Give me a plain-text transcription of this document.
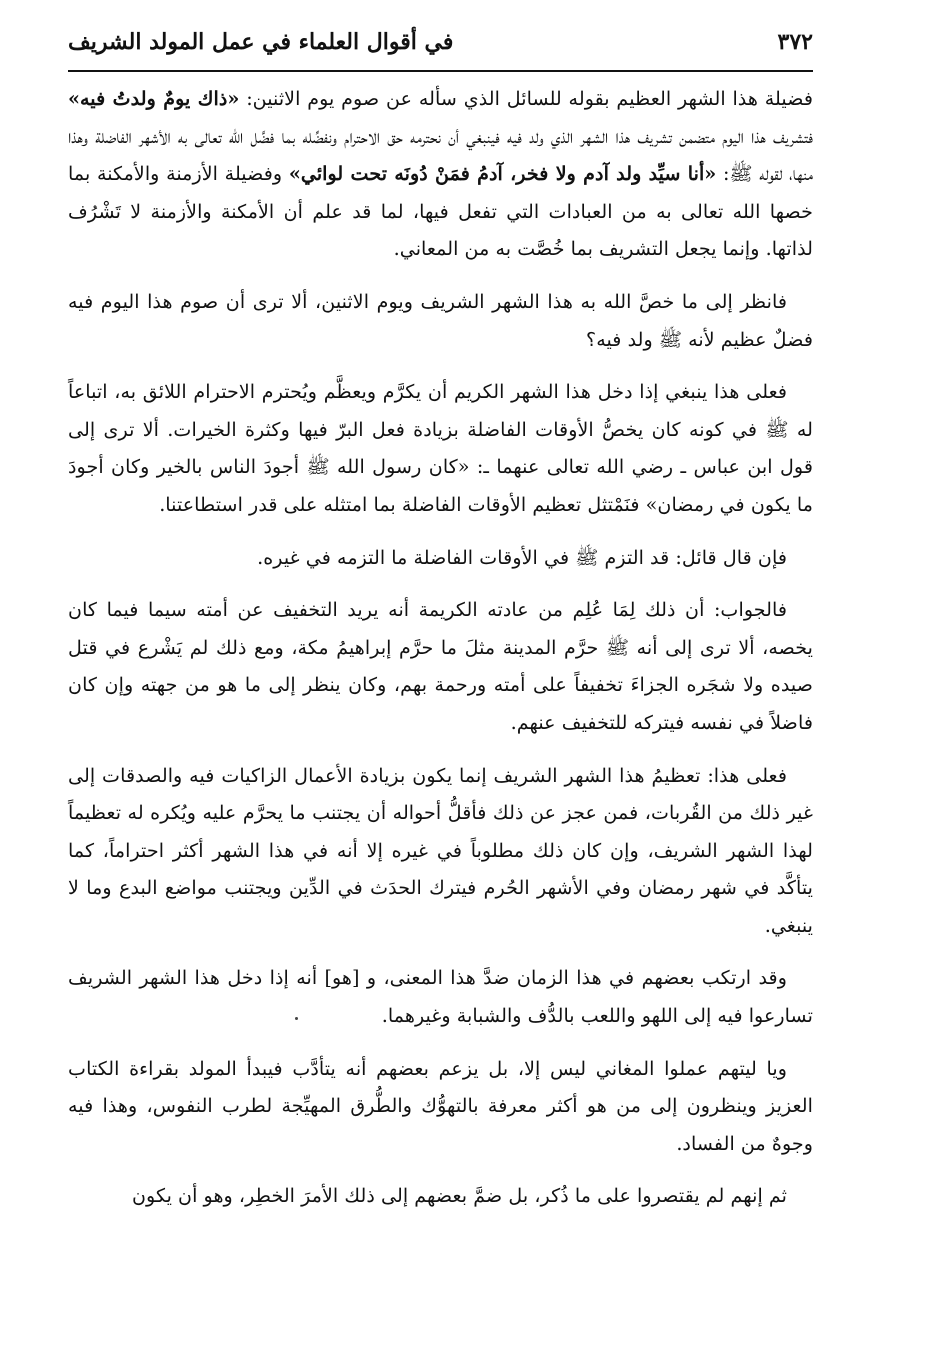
٣٧٢
في أقوال العلماء في عمل المولد الشريف

فضيلة هذا الشهر العظيم بقوله للسائل الذي سأله عن صوم يوم الاثنين: «ذاك يومٌ ولدتُ فيه» فتشريف هذا اليوم متضمن تشريف هذا الشهر الذي ولد فيه فينبغي أن نحترمه حق الاحترام ونفضِّله بما فضَّل الله تعالى به الأشهر الفاضلة وهذا منها، لقوله ﷺ: «أنا سيِّد ولد آدم ولا فخر، آدمُ فمَنْ دُونَه تحت لوائي» وفضيلة الأزمنة والأمكنة بما خصها الله تعالى به من العبادات التي تفعل فيها، لما قد علم أن الأمكنة والأزمنة لا تَشْرُف لذاتها. وإنما يجعل التشريف بما خُصَّت به من المعاني.

فانظر إلى ما خصَّ الله به هذا الشهر الشريف ويوم الاثنين، ألا ترى أن صوم هذا اليوم فيه فضلٌ عظيم لأنه ﷺ ولد فيه؟

فعلى هذا ينبغي إذا دخل هذا الشهر الكريم أن يكرَّم ويعظَّم ويُحترم الاحترام اللائق به، اتباعاً له ﷺ في كونه كان يخصُّ الأوقات الفاضلة بزيادة فعل البرّ فيها وكثرة الخيرات. ألا ترى إلى قول ابن عباس ـ رضي الله تعالى عنهما ـ: «كان رسول الله ﷺ أجودَ الناس بالخير وكان أجودَ ما يكون في رمضان» فنَمْتثل تعظيم الأوقات الفاضلة بما امتثله على قدر استطاعتنا.

فإن قال قائل: قد التزم ﷺ في الأوقات الفاضلة ما التزمه في غيره.

فالجواب: أن ذلك لِمَا عُلِم من عادته الكريمة أنه يريد التخفيف عن أمته سيما فيما كان يخصه، ألا ترى إلى أنه ﷺ حرَّم المدينة مثلَ ما حرَّم إبراهيمُ مكة، ومع ذلك لم يَشْرع في قتل صيده ولا شجَره الجزاءَ تخفيفاً على أمته ورحمة بهم، وكان ينظر إلى ما هو من جهته وإن كان فاضلاً في نفسه فيتركه للتخفيف عنهم.

فعلى هذا: تعظيمُ هذا الشهر الشريف إنما يكون بزيادة الأعمال الزاكيات فيه والصدقات إلى غير ذلك من القُربات، فمن عجز عن ذلك فأقلُّ أحواله أن يجتنب ما يحرَّم عليه ويُكره له تعظيماً لهذا الشهر الشريف، وإن كان ذلك مطلوباً في غيره إلا أنه في هذا الشهر أكثر احتراماً، كما يتأكَّد في شهر رمضان وفي الأشهر الحُرم فيترك الحدَث في الدِّين ويجتنب مواضع البدع وما لا ينبغي.

وقد ارتكب بعضهم في هذا الزمان ضدَّ هذا المعنى، و [هو] أنه إذا دخل هذا الشهر الشريف تسارعوا فيه إلى اللهو واللعب بالدُّف والشبابة وغيرهما.

ويا ليتهم عملوا المغاني ليس إلا، بل يزعم بعضهم أنه يتأدَّب فيبدأ المولد بقراءة الكتاب العزيز وينظرون إلى من هو أكثر معرفة بالتهوُّك والطُّرق المهيِّجة لطرب النفوس، وهذا فيه وجوهٌ من الفساد.

ثم إنهم لم يقتصروا على ما ذُكر، بل ضمَّ بعضهم إلى ذلك الأمرَ الخطِر، وهو أن يكون
